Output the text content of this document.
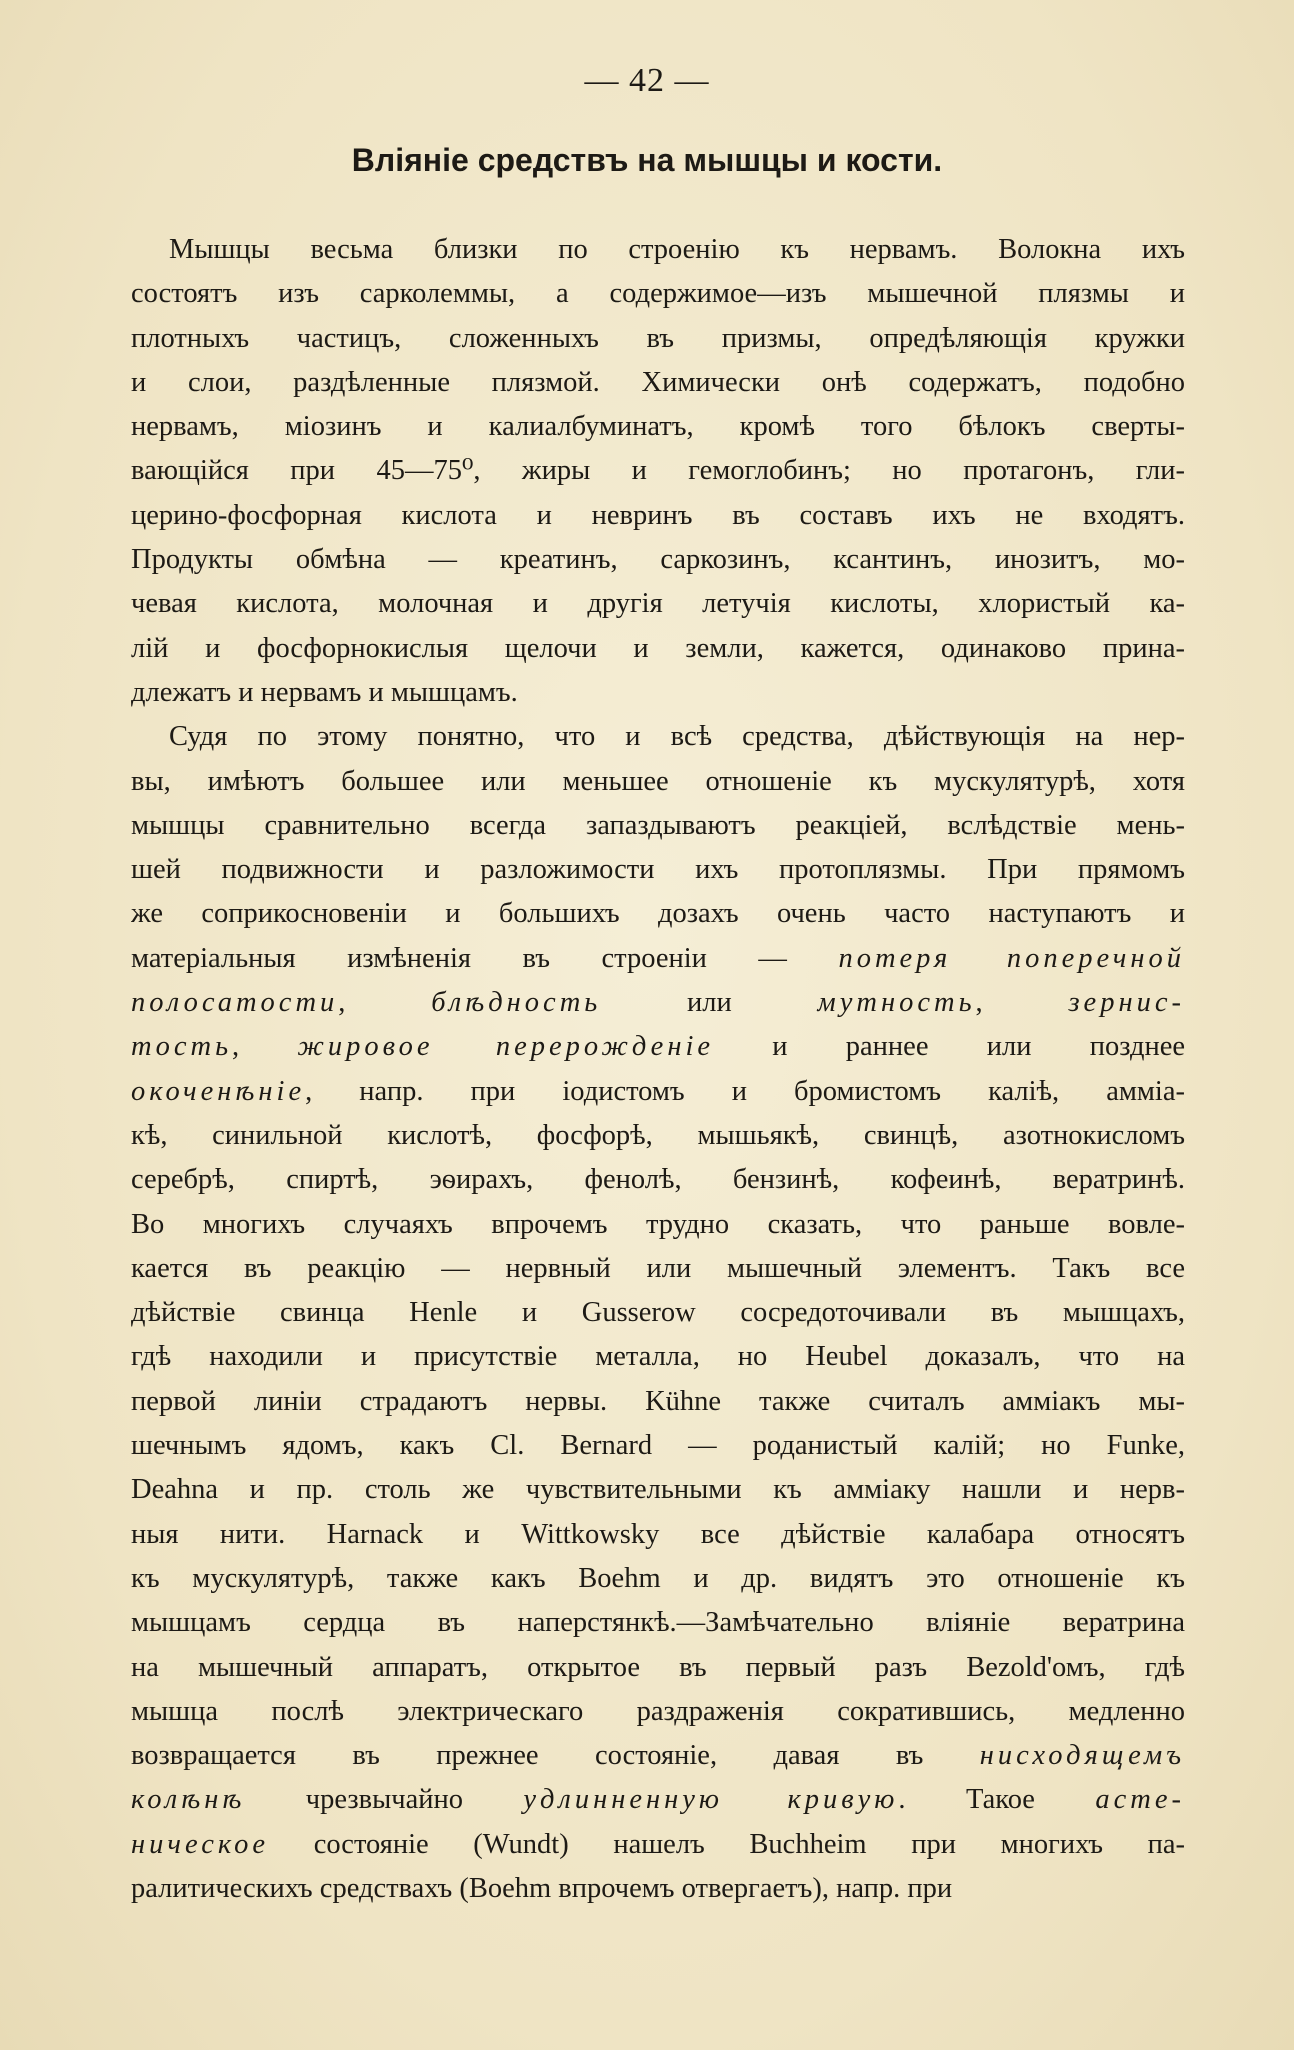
— 42 —
Вліяніе средствъ на мышцы и кости.
Мышцы весьма близки по строенію къ нервамъ. Волокна ихъ
состоятъ изъ сарколеммы, а содержимое—изъ мышечной плязмы и
плотныхъ частицъ, сложенныхъ въ призмы, опредѣляющія кружки
и слои, раздѣленные плязмой. Химически онѣ содержатъ, подобно
нервамъ, міозинъ и калиалбуминатъ, кромѣ того бѣлокъ сверты-
вающійся при 45—75⁰, жиры и гемоглобинъ; но протагонъ, гли-
церино-фосфорная кислота и невринъ въ составъ ихъ не входятъ.
Продукты обмѣна — креатинъ, саркозинъ, ксантинъ, инозитъ, мо-
чевая кислота, молочная и другія летучія кислоты, хлористый ка-
лій и фосфорнокислыя щелочи и земли, кажется, одинаково прина-
длежатъ и нервамъ и мышцамъ.
Судя по этому понятно, что и всѣ средства, дѣйствующія на нер-
вы, имѣютъ большее или меньшее отношеніе къ мускулятурѣ, хотя
мышцы сравнительно всегда запаздываютъ реакціей, вслѣдствіе мень-
шей подвижности и разложимости ихъ протоплязмы. При прямомъ
же соприкосновеніи и большихъ дозахъ очень часто наступаютъ и
матеріальныя измѣненія въ строеніи — потеря поперечной
полосатости, блѣдность или мутность, зернис-
тость, жировое перерожденіе и раннее или позднее
окоченѣніе, напр. при іодистомъ и бромистомъ каліѣ, амміа-
кѣ, синильной кислотѣ, фосфорѣ, мышьякѣ, свинцѣ, азотнокисломъ
серебрѣ, спиртѣ, эѳирахъ, фенолѣ, бензинѣ, кофеинѣ, вератринѣ.
Во многихъ случаяхъ впрочемъ трудно сказать, что раньше вовле-
кается въ реакцію — нервный или мышечный элементъ. Такъ все
дѣйствіе свинца Henle и Gusserow сосредоточивали въ мышцахъ,
гдѣ находили и присутствіе металла, но Heubel доказалъ, что на
первой линіи страдаютъ нервы. Kühne также считалъ амміакъ мы-
шечнымъ ядомъ, какъ Cl. Bernard — роданистый калій; но Funke,
Deahna и пр. столь же чувствительными къ амміаку нашли и нерв-
ныя нити. Harnack и Wittkowsky все дѣйствіе калабара относятъ
къ мускулятурѣ, также какъ Boehm и др. видятъ это отношеніе къ
мышцамъ сердца въ наперстянкѣ.—Замѣчательно вліяніе вератрина
на мышечный аппаратъ, открытое въ первый разъ Bezold'омъ, гдѣ
мышца послѣ электрическаго раздраженія сократившись, медленно
возвращается въ прежнее состояніе, давая въ нисходящемъ
колѣнѣ чрезвычайно удлинненную кривую. Такое асте-
ническое состояніе (Wundt) нашелъ Buchheim при многихъ па-
ралитическихъ средствахъ (Boehm впрочемъ отвергаетъ), напр. при
